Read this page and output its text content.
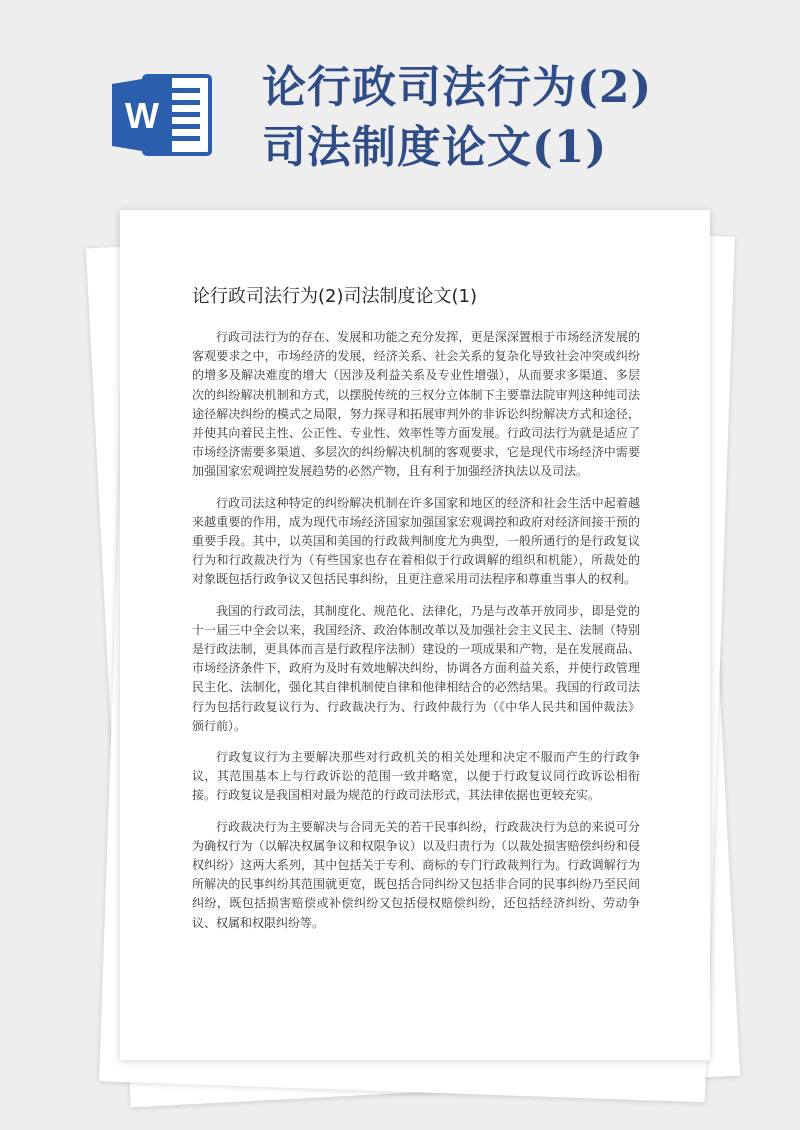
W
论行政司法行为(2)
司法制度论文(1)
论行政司法行为(2)司法制度论文(1)

行政司法行为的存在、发展和功能之充分发挥，更是深深置根于市场经济发展的客观要求之中，市场经济的发展，经济关系、社会关系的复杂化导致社会冲突或纠纷的增多及解决难度的增大（因涉及利益关系及专业性增强），从而要求多渠道、多层次的纠纷解决机制和方式，以摆脱传统的三权分立体制下主要靠法院审判这种纯司法途径解决纠纷的模式之局限，努力探寻和拓展审判外的非诉讼纠纷解决方式和途径，并使其向着民主性、公正性、专业性、效率性等方面发展。行政司法行为就是适应了市场经济需要多渠道、多层次的纠纷解决机制的客观要求，它是现代市场经济中需要加强国家宏观调控发展趋势的必然产物，且有利于加强经济执法以及司法。

行政司法这种特定的纠纷解决机制在许多国家和地区的经济和社会生活中起着越来越重要的作用，成为现代市场经济国家加强国家宏观调控和政府对经济间接干预的重要手段。其中，以英国和美国的行政裁判制度尤为典型，一般所通行的是行政复议行为和行政裁决行为（有些国家也存在着相似于行政调解的组织和机能），所裁处的对象既包括行政争议又包括民事纠纷，且更注意采用司法程序和尊重当事人的权利。

我国的行政司法，其制度化、规范化、法律化，乃是与改革开放同步，即是党的十一届三中全会以来，我国经济、政治体制改革以及加强社会主义民主、法制（特别是行政法制，更具体而言是行政程序法制）建设的一项成果和产物，是在发展商品、市场经济条件下，政府为及时有效地解决纠纷，协调各方面利益关系，并使行政管理民主化、法制化，强化其自律机制使自律和他律相结合的必然结果。我国的行政司法行为包括行政复议行为、行政裁决行为、行政仲裁行为（《中华人民共和国仲裁法》颁行前）。

行政复议行为主要解决那些对行政机关的相关处理和决定不服而产生的行政争议，其范围基本上与行政诉讼的范围一致并略宽，以便于行政复议同行政诉讼相衔接。行政复议是我国相对最为规范的行政司法形式，其法律依据也更较充实。

行政裁决行为主要解决与合同无关的若干民事纠纷，行政裁决行为总的来说可分为确权行为（以解决权属争议和权限争议）以及归责行为（以裁处损害赔偿纠纷和侵权纠纷）这两大系列，其中包括关于专利、商标的专门行政裁判行为。行政调解行为所解决的民事纠纷其范围就更宽，既包括合同纠纷又包括非合同的民事纠纷乃至民间纠纷，既包括损害赔偿或补偿纠纷又包括侵权赔偿纠纷，还包括经济纠纷、劳动争议、权属和权限纠纷等。
